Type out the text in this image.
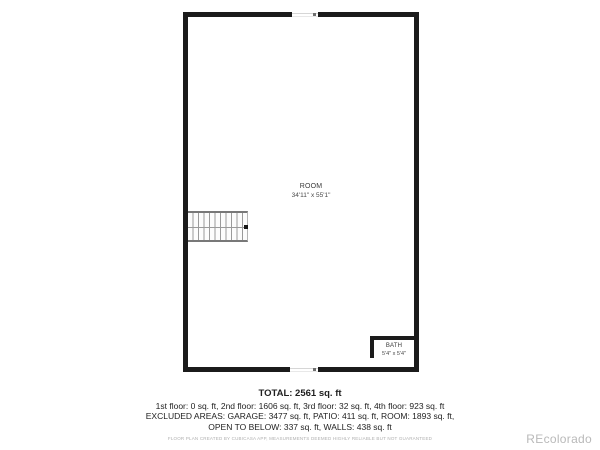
ROOM
34'11" x 55'1"
BATH
5'4" x 5'4"
TOTAL: 2561 sq. ft
1st floor: 0 sq. ft, 2nd floor: 1606 sq. ft, 3rd floor: 32 sq. ft, 4th floor: 923 sq. ft
EXCLUDED AREAS: GARAGE: 3477 sq. ft, PATIO: 411 sq. ft, ROOM: 1893 sq. ft,
OPEN TO BELOW: 337 sq. ft, WALLS: 438 sq. ft
FLOOR PLAN CREATED BY CUBICASA APP, MEASUREMENTS DEEMED HIGHLY RELIABLE BUT NOT GUARANTEED	REcolorado
